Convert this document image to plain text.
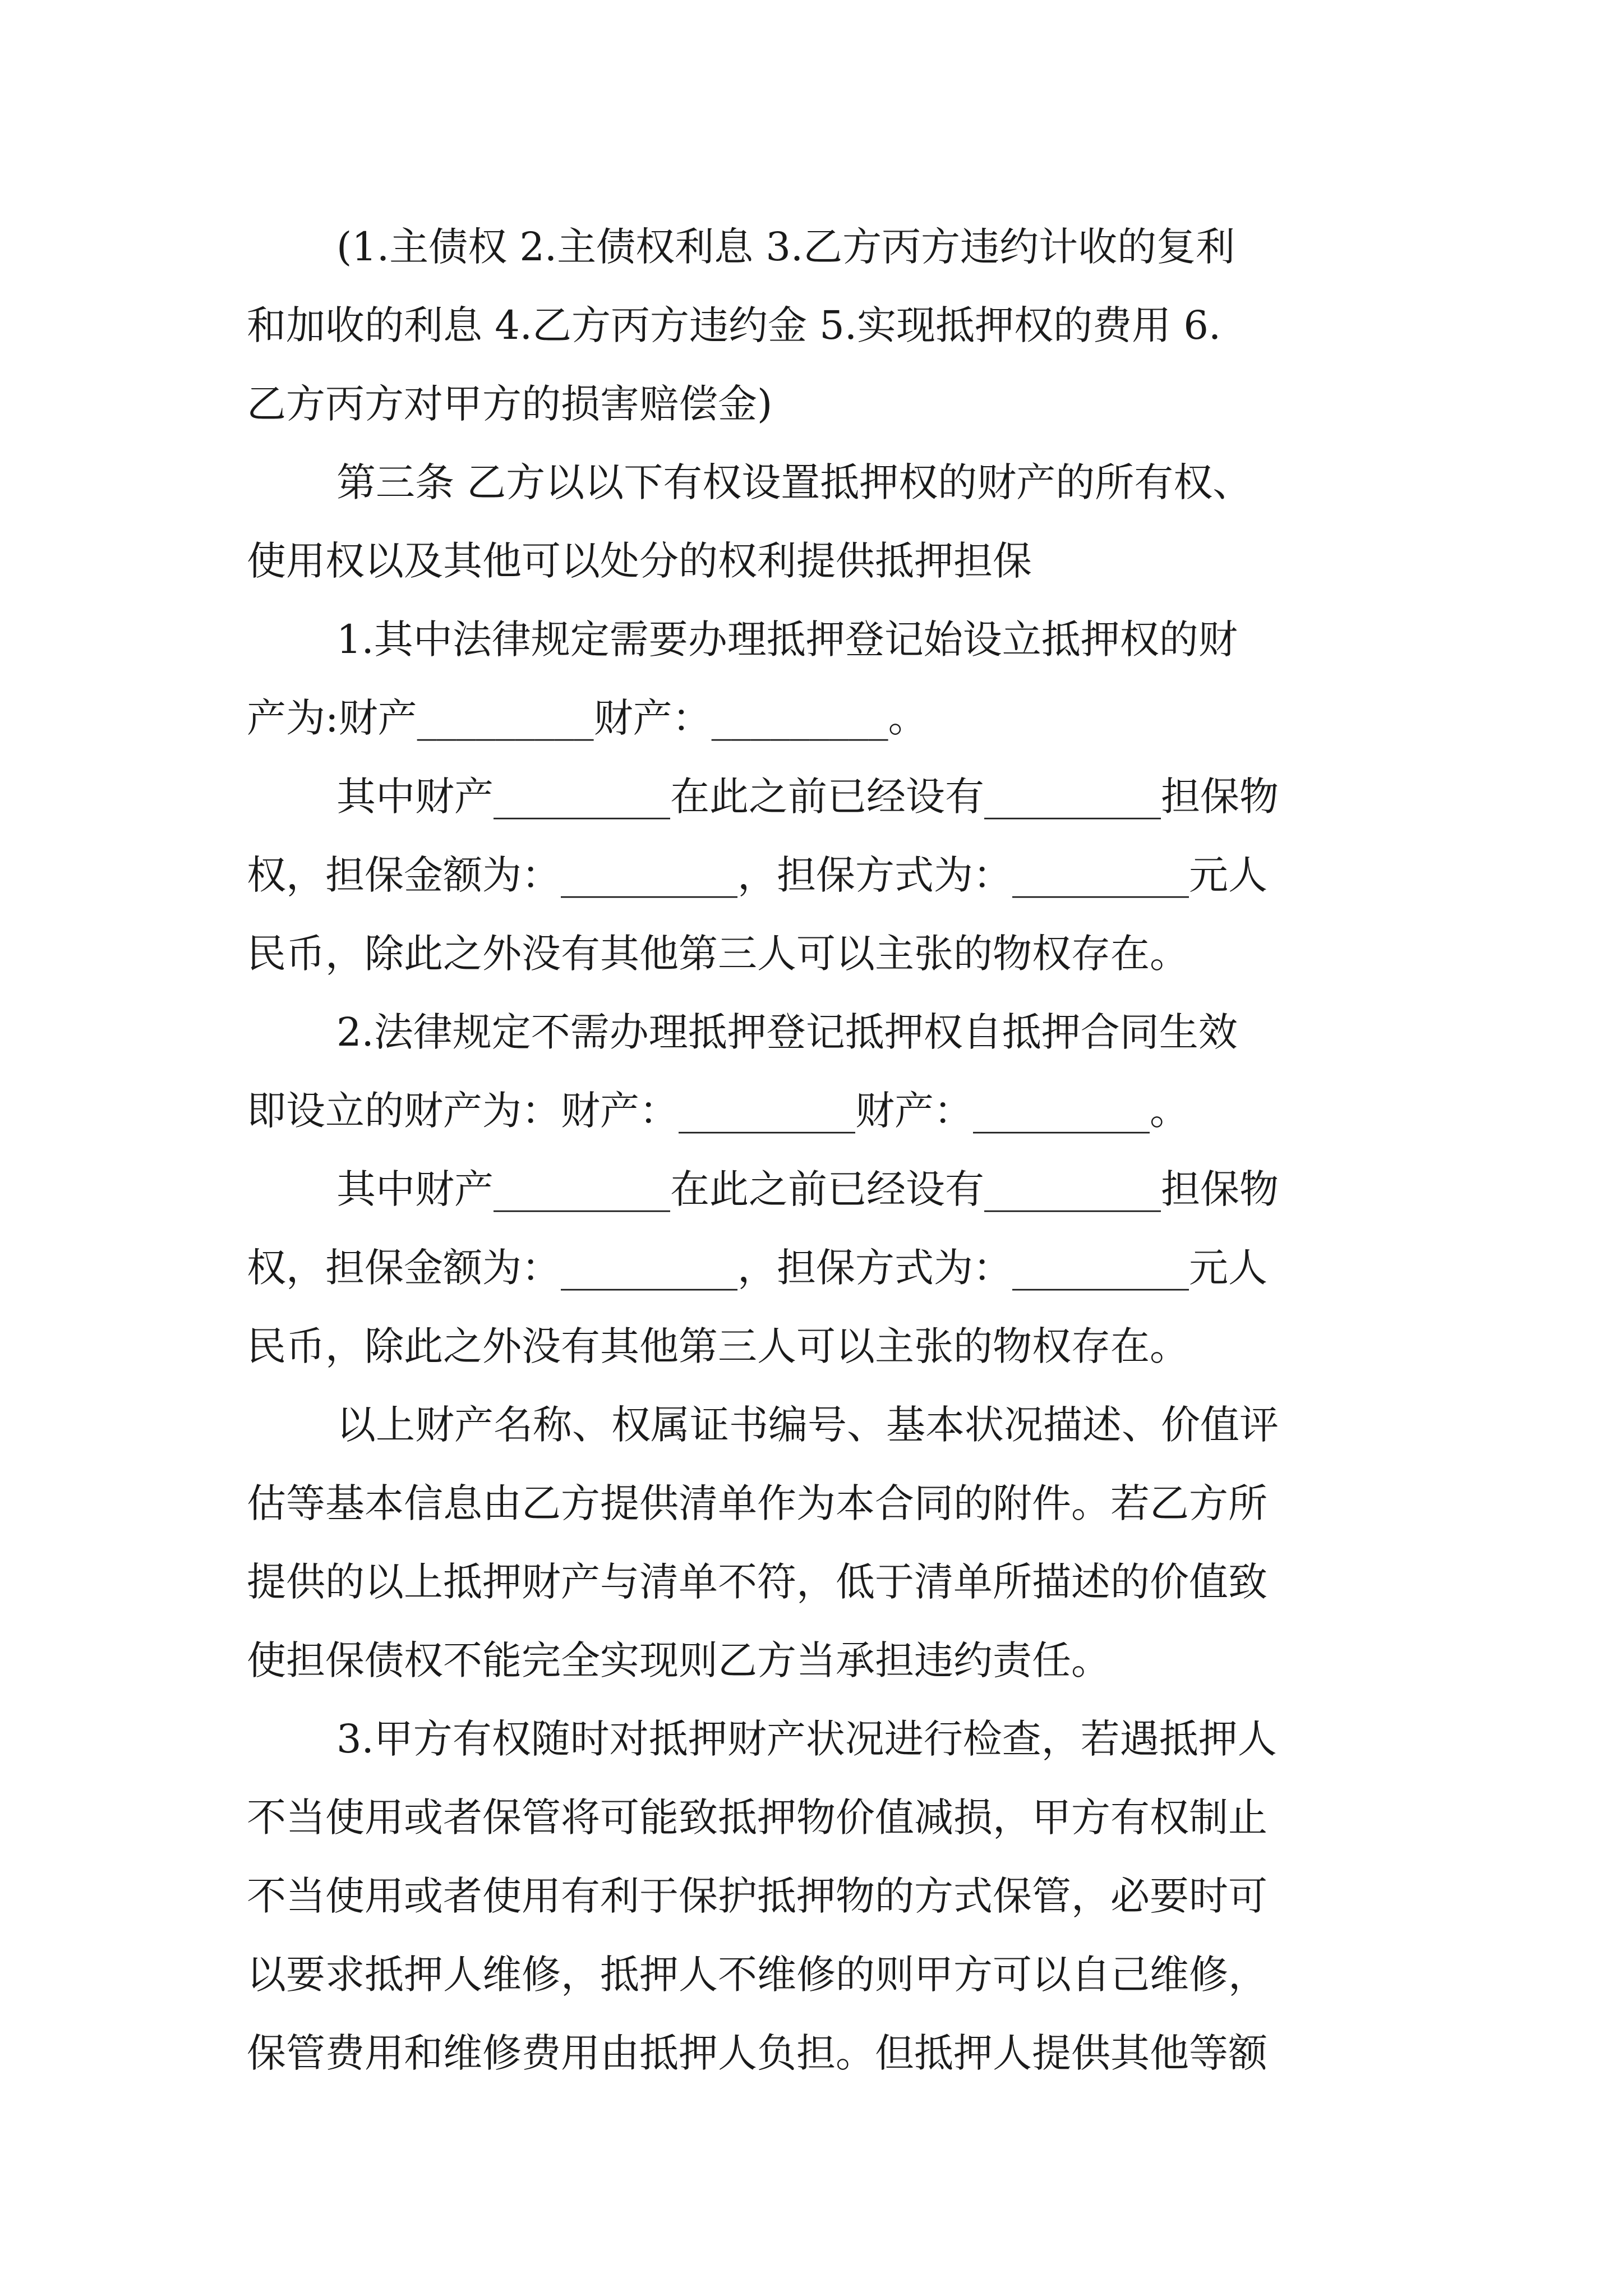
(1.主债权 2.主债权利息 3.乙方丙方违约计收的复利
和加收的利息 4.乙方丙方违约金 5.实现抵押权的费用 6.
乙方丙方对甲方的损害赔偿金)
第三条 乙方以以下有权设置抵押权的财产的所有权、
使用权以及其他可以处分的权利提供抵押担保
1.其中法律规定需要办理抵押登记始设立抵押权的财
产为:财产_________财产：_________。
其中财产_________在此之前已经设有_________担保物
权，担保金额为：_________，担保方式为：_________元人
民币，除此之外没有其他第三人可以主张的物权存在。
2.法律规定不需办理抵押登记抵押权自抵押合同生效
即设立的财产为：财产：_________财产：_________。
其中财产_________在此之前已经设有_________担保物
权，担保金额为：_________，担保方式为：_________元人
民币，除此之外没有其他第三人可以主张的物权存在。
以上财产名称、权属证书编号、基本状况描述、价值评
估等基本信息由乙方提供清单作为本合同的附件。若乙方所
提供的以上抵押财产与清单不符，低于清单所描述的价值致
使担保债权不能完全实现则乙方当承担违约责任。
3.甲方有权随时对抵押财产状况进行检查，若遇抵押人
不当使用或者保管将可能致抵押物价值减损，甲方有权制止
不当使用或者使用有利于保护抵押物的方式保管，必要时可
以要求抵押人维修，抵押人不维修的则甲方可以自己维修，
保管费用和维修费用由抵押人负担。但抵押人提供其他等额
